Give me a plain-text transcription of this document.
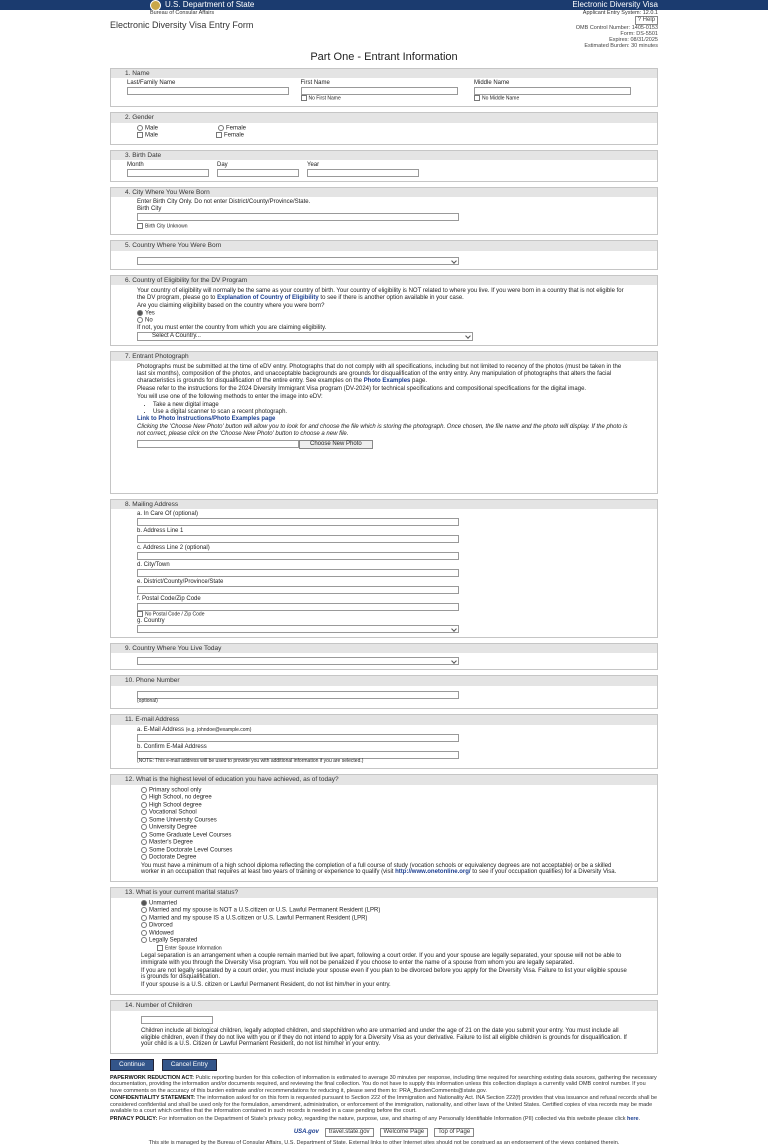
U.S. Department of State	Electronic Diversity Visa
Bureau of Consular Affairs	Applicant Entry System: 12.0.1
Electronic Diversity Visa Entry Form	? Help
OMB Control Number: 1405-0153
Form: DS-5501
Expires: 08/31/2025
Estimated Burden: 30 minutes
Part One - Entrant Information
1. Name
Last/Family Name	First Name
No First Name
Middle Name
No Middle Name
2. Gender
Male	Female
Male	Female
3. Birth Date
Month	Day	Year
4. City Where You Were Born
Enter Birth City Only. Do not enter District/County/Province/State.
Birth City
Birth City Unknown
5. Country Where You Were Born
6. Country of Eligibility for the DV Program
Your country of eligibility will normally be the same as your country of birth. Your country of eligibility is NOT related to where you live. If you were born in a country that is not eligible for the DV program, please go to Explanation of Country of Eligibility to see if there is another option available in your case.
Are you claiming eligibility based on the country where you were born?
Yes
No
If not, you must enter the country from which you are claiming eligibility.
Select A Country...
7. Entrant Photograph
Photographs must be submitted at the time of eDV entry. Photographs that do not comply with all specifications, including but not limited to recency of the photos (must be taken in the last six months), composition of the photos, and unacceptable backgrounds are grounds for disqualification of the entry entry. Any manipulation of photographs that alters the facial characteristics is grounds for disqualification of the entire entry. See examples on the Photo Examples page.
Please refer to the instructions for the 2024 Diversity Immigrant Visa program (DV-2024) for technical specifications and compositional specifications for the digital image.
You will use one of the following methods to enter the image into eDV:
• Take a new digital image
• Use a digital scanner to scan a recent photograph.
Link to Photo Instructions/Photo Examples page
Clicking the 'Choose New Photo' button will allow you to look for and choose the file which is storing the photograph. Once chosen, the file name and the photo will display. If the photo is not correct, please click on the 'Choose New Photo' button to choose a new file.
Choose New Photo
8. Mailing Address
a. In Care Of (optional)
b. Address Line 1
c. Address Line 2 (optional)
d. City/Town
e. District/County/Province/State
f. Postal Code/Zip Code
No Postal Code / Zip Code
g. Country
9. Country Where You Live Today
10. Phone Number
(optional)
11. E-mail Address
a. E-Mail Address (e.g. johndoe@example.com)
b. Confirm E-Mail Address
(NOTE: This e-mail address will be used to provide you with additional information if you are selected.)
12. What is the highest level of education you have achieved, as of today?
Primary school only
High School, no degree
High School degree
Vocational School
Some University Courses
University Degree
Some Graduate Level Courses
Master's Degree
Some Doctorate Level Courses
Doctorate Degree
You must have a minimum of a high school diploma reflecting the completion of a full course of study (vocation schools or equivalency degrees are not acceptable) or be a skilled worker in an occupation that requires at least two years of training or experience to qualify (visit http://www.onetonline.org/ to see if your occupation qualifies) for a Diversity Visa.
13. What is your current marital status?
Unmarried
Married and my spouse is NOT a U.S.citizen or U.S. Lawful Permanent Resident (LPR)
Married and my spouse IS a U.S.citizen or U.S. Lawful Permanent Resident (LPR)
Divorced
Widowed
Legally Separated
Enter Spouse Information
Legal separation is an arrangement when a couple remain married but live apart, following a court order. If you and your spouse are legally separated, your spouse will not be able to immigrate with you through the Diversity Visa program. You will not be penalized if you choose to enter the name of a spouse from whom you are legally separated.
If you are not legally separated by a court order, you must include your spouse even if you plan to be divorced before you apply for the Diversity Visa. Failure to list your eligible spouse is grounds for disqualification.
If your spouse is a U.S. citizen or Lawful Permanent Resident, do not list him/her in your entry.
14. Number of Children
Children include all biological children, legally adopted children, and stepchildren who are unmarried and under the age of 21 on the date you submit your entry. You must include all eligible children, even if they do not live with you or if they do not intend to apply for a Diversity Visa as your derivative. Failure to list all eligible children is grounds for disqualification. If your child is a U.S. Citizen or Lawful Permanent Resident, do not list him/her in your entry.
Continue	Cancel Entry
PAPERWORK REDUCTION ACT: Public reporting burden for this collection of information is estimated to average 30 minutes per response, including time required for searching existing data sources, gathering the necessary documentation, providing the information and/or documents required, and reviewing the final collection. You do not have to supply this information unless this collection displays a currently valid OMB control number. If you have comments on the accuracy of this burden estimate and/or recommendations for reducing it, please send them to: PRA_BurdenComments@state.gov.
CONFIDENTIALITY STATEMENT: The information asked for on this form is requested pursuant to Section 222 of the Immigration and Nationality Act. INA Section 222(f) provides that visa issuance and refusal records shall be considered confidential and shall be used only for the formulation, amendment, administration, or enforcement of the immigration, nationality, and other laws of the United States. Certified copies of visa records may be made available to a court which certifies that the information contained in such records is needed in a case pending before the court.
PRIVACY POLICY: For information on the Department of State's privacy policy, regarding the nature, purpose, use, and sharing of any Personally Identifiable Information (PII) collected via this website please click here.
USA.gov	travel.state.gov	Welcome Page	Top of Page
This site is managed by the Bureau of Consular Affairs, U.S. Department of State. External links to other Internet sites should not be construed as an endorsement of the views contained therein.
